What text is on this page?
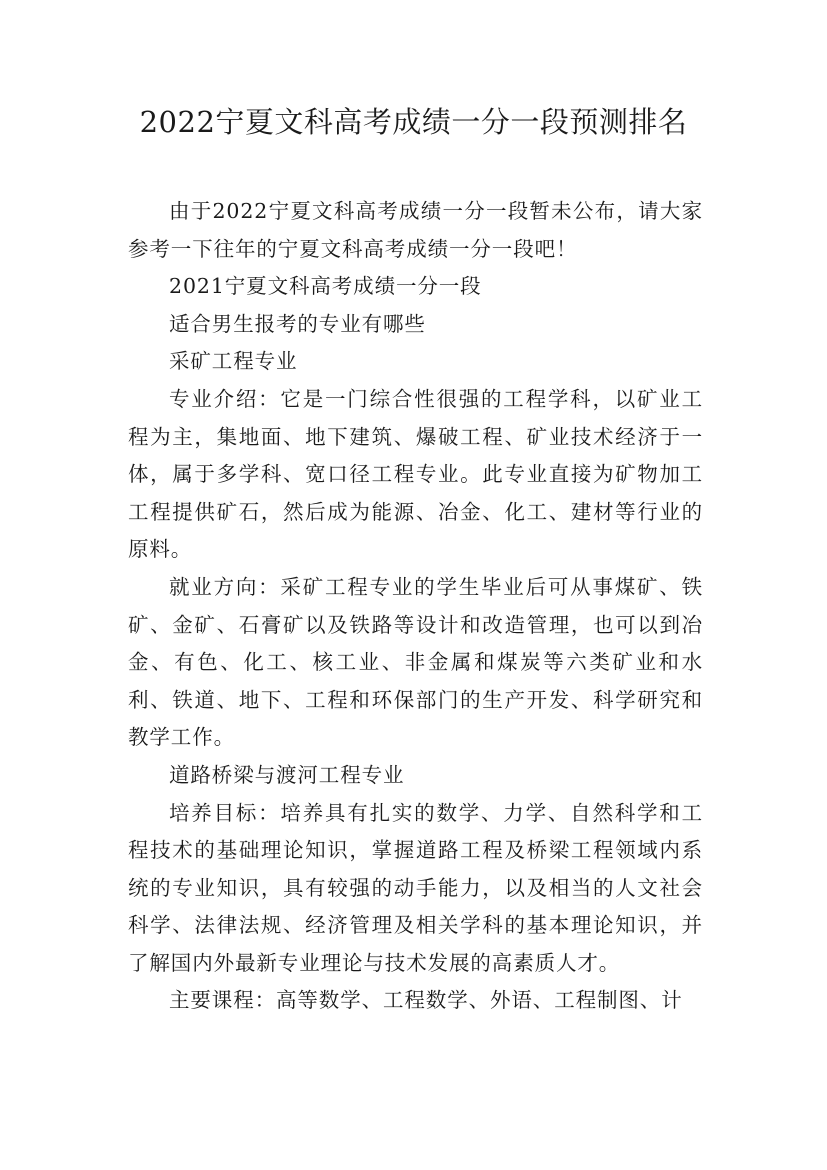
2022宁夏文科高考成绩一分一段预测排名

由于2022宁夏文科高考成绩一分一段暂未公布，请大家参考一下往年的宁夏文科高考成绩一分一段吧！

2021宁夏文科高考成绩一分一段

适合男生报考的专业有哪些

采矿工程专业

专业介绍：它是一门综合性很强的工程学科，以矿业工程为主，集地面、地下建筑、爆破工程、矿业技术经济于一体，属于多学科、宽口径工程专业。此专业直接为矿物加工工程提供矿石，然后成为能源、冶金、化工、建材等行业的原料。

就业方向：采矿工程专业的学生毕业后可从事煤矿、铁矿、金矿、石膏矿以及铁路等设计和改造管理，也可以到冶金、有色、化工、核工业、非金属和煤炭等六类矿业和水利、铁道、地下、工程和环保部门的生产开发、科学研究和教学工作。

道路桥梁与渡河工程专业

培养目标：培养具有扎实的数学、力学、自然科学和工程技术的基础理论知识，掌握道路工程及桥梁工程领域内系统的专业知识，具有较强的动手能力，以及相当的人文社会科学、法律法规、经济管理及相关学科的基本理论知识，并了解国内外最新专业理论与技术发展的高素质人才。

主要课程：高等数学、工程数学、外语、工程制图、计
